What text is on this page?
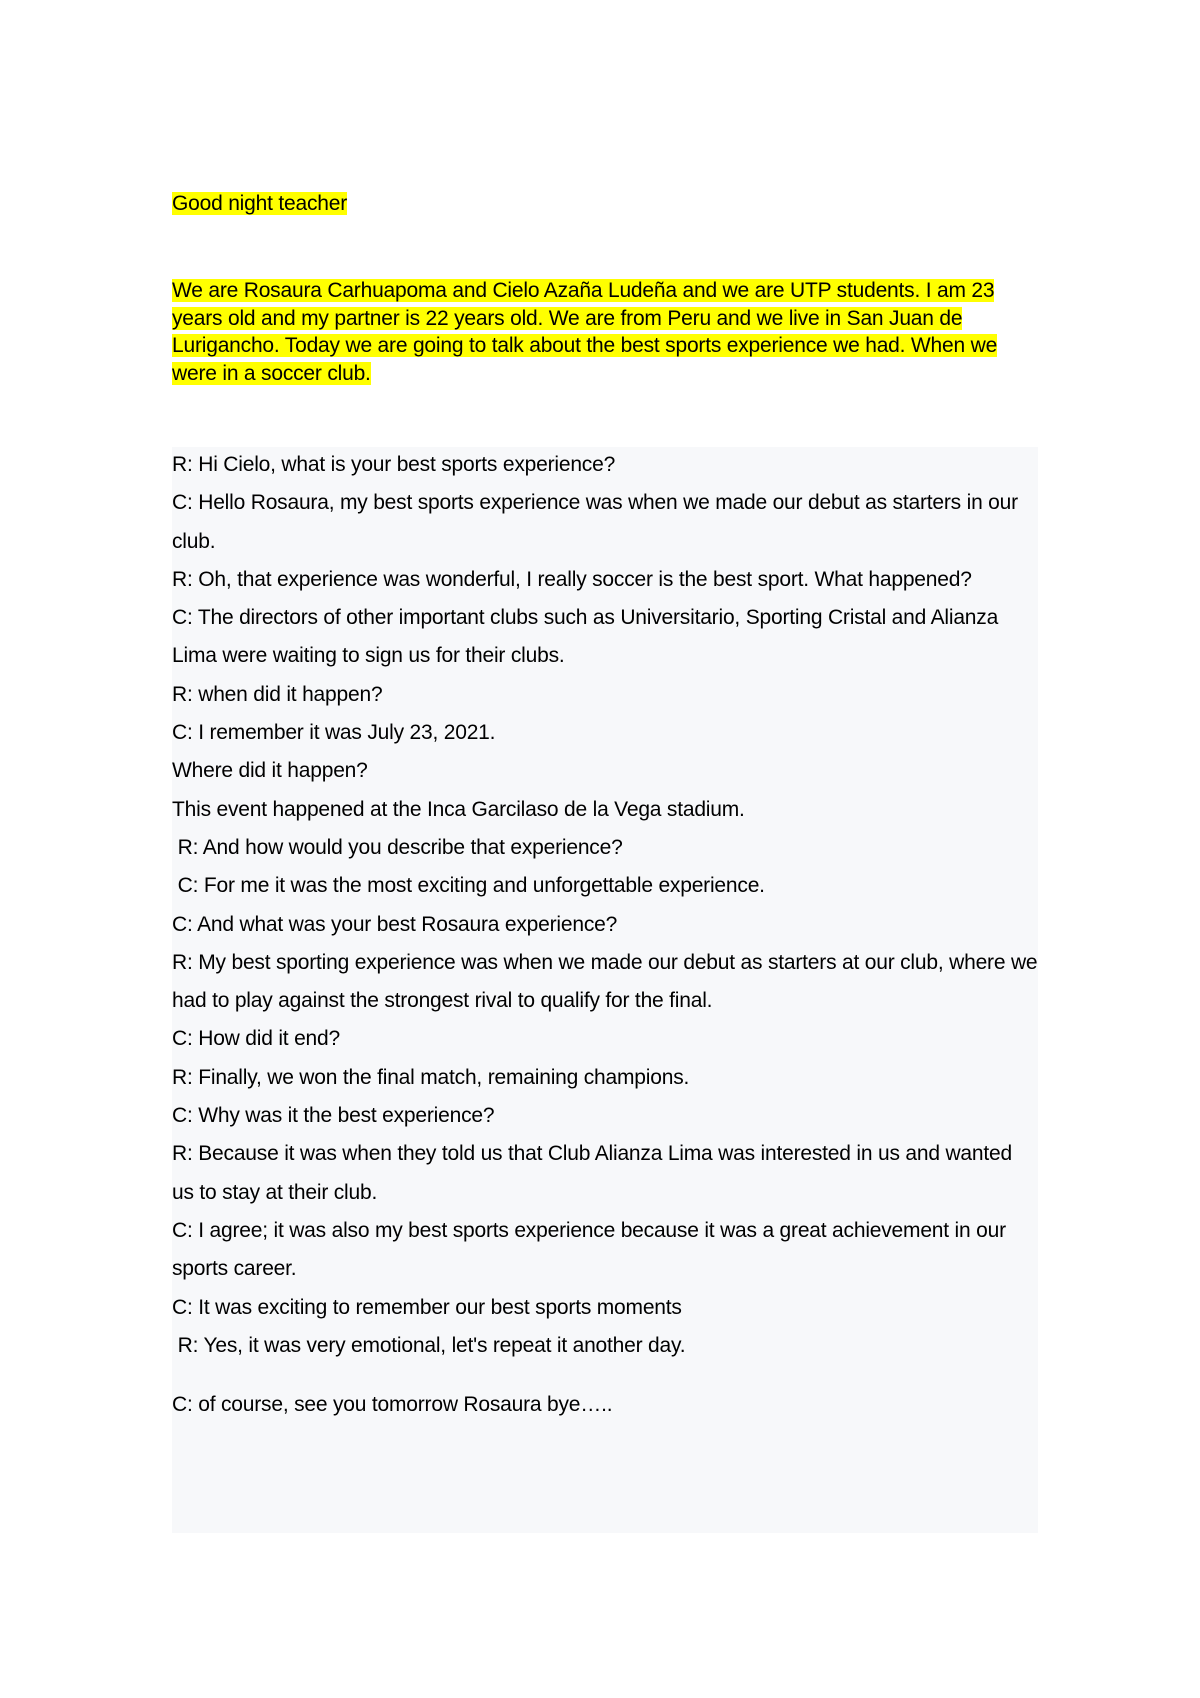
Good night teacher
We are Rosaura Carhuapoma and Cielo Azaña Ludeña and we are UTP students. I am 23 years old and my partner is 22 years old. We are from Peru and we live in San Juan de Lurigancho. Today we are going to talk about the best sports experience we had. When we were in a soccer club.
R: Hi Cielo, what is your best sports experience?
C: Hello Rosaura, my best sports experience was when we made our debut as starters in our club.
R: Oh, that experience was wonderful, I really soccer is the best sport. What happened?
C: The directors of other important clubs such as Universitario, Sporting Cristal and Alianza Lima were waiting to sign us for their clubs.
R: when did it happen?
C: I remember it was July 23, 2021.
Where did it happen?
This event happened at the Inca Garcilaso de la Vega stadium.
R: And how would you describe that experience?
C: For me it was the most exciting and unforgettable experience.
C: And what was your best Rosaura experience?
R: My best sporting experience was when we made our debut as starters at our club, where we had to play against the strongest rival to qualify for the final.
C: How did it end?
R: Finally, we won the final match, remaining champions.
C: Why was it the best experience?
R: Because it was when they told us that Club Alianza Lima was interested in us and wanted us to stay at their club.
C: I agree; it was also my best sports experience because it was a great achievement in our sports career.
C: It was exciting to remember our best sports moments
R: Yes, it was very emotional, let's repeat it another day.
C: of course, see you tomorrow Rosaura bye…..
